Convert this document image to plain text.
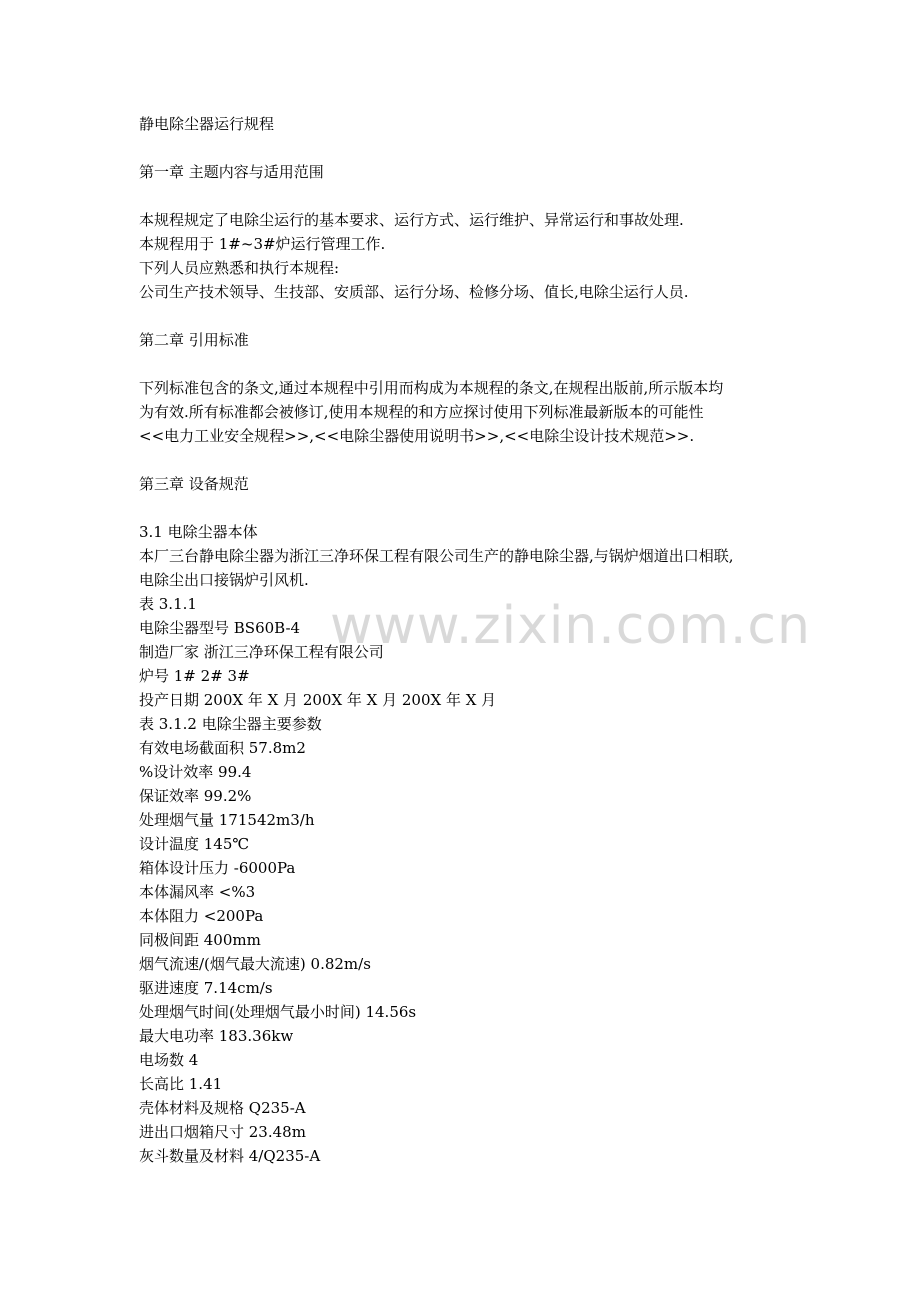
www.zixin.com.cn
静电除尘器运行规程
第一章 主题内容与适用范围
本规程规定了电除尘运行的基本要求、运行方式、运行维护、异常运行和事故处理.
本规程用于 1#~3#炉运行管理工作.
下列人员应熟悉和执行本规程:
公司生产技术领导、生技部、安质部、运行分场、检修分场、值长,电除尘运行人员.
第二章 引用标准
下列标准包含的条文,通过本规程中引用而构成为本规程的条文,在规程出版前,所示版本均
为有效.所有标准都会被修订,使用本规程的和方应探讨使用下列标准最新版本的可能性
<<电力工业安全规程>>,<<电除尘器使用说明书>>,<<电除尘设计技术规范>>.
第三章 设备规范
3.1 电除尘器本体
本厂三台静电除尘器为浙江三净环保工程有限公司生产的静电除尘器,与锅炉烟道出口相联,
电除尘出口接锅炉引风机.
表 3.1.1
电除尘器型号 BS60B-4
制造厂家 浙江三净环保工程有限公司
炉号 1# 2# 3#
投产日期 200X 年 X 月 200X 年 X 月 200X 年 X 月
表 3.1.2 电除尘器主要参数
有效电场截面积 57.8m2
%设计效率 99.4
保证效率 99.2%
处理烟气量 171542m3/h
设计温度 145℃
箱体设计压力 -6000Pa
本体漏风率 <%3
本体阻力 <200Pa
同极间距 400mm
烟气流速/(烟气最大流速) 0.82m/s
驱进速度 7.14cm/s
处理烟气时间(处理烟气最小时间) 14.56s
最大电功率 183.36kw
电场数 4
长高比 1.41
壳体材料及规格 Q235-A
进出口烟箱尺寸 23.48m
灰斗数量及材料 4/Q235-A
